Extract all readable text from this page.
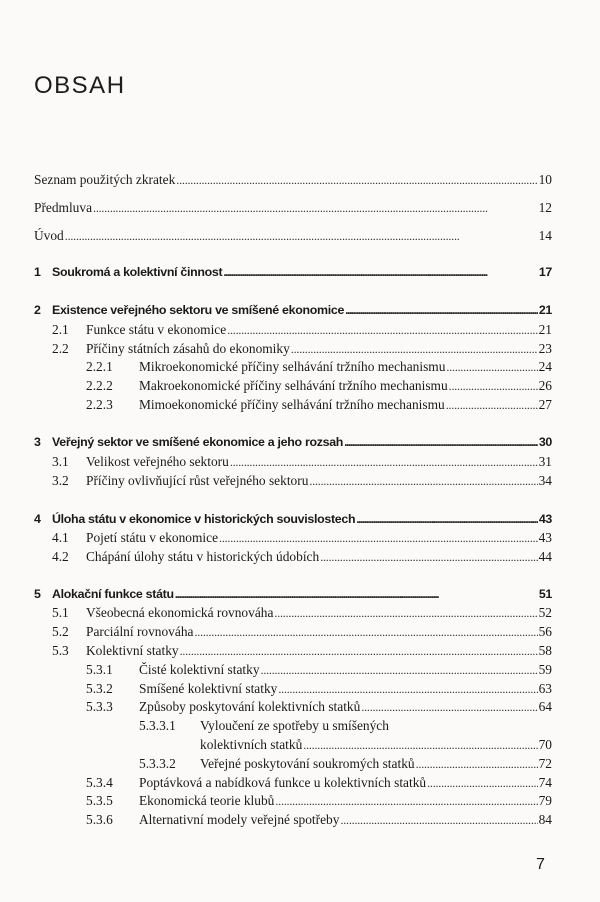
OBSAH
Seznam použitých zkratek . . .	10
Předmluva . . .	12
Úvod . . .	14
1 Soukromá a kolektivní činnost . . .	17
2 Existence veřejného sektoru ve smíšené ekonomice . . .	21
2.1 Funkce státu v ekonomice . . .	21
2.2 Příčiny státních zásahů do ekonomiky . . .	23
2.2.1 Mikroekonomické příčiny selhávání tržního mechanismu . . .	24
2.2.2 Makroekonomické příčiny selhávání tržního mechanismu . . .	26
2.2.3 Mimoekonomické příčiny selhávání tržního mechanismu . . .	27
3 Veřejný sektor ve smíšené ekonomice a jeho rozsah . . .	30
3.1 Velikost veřejného sektoru . . .	31
3.2 Příčiny ovlivňující růst veřejného sektoru . . .	34
4 Úloha státu v ekonomice v historických souvislostech . . .	43
4.1 Pojetí státu v ekonomice . . .	43
4.2 Chápání úlohy státu v historických údobích . . .	44
5 Alokační funkce státu . . .	51
5.1 Všeobecná ekonomická rovnováha . . .	52
5.2 Parciální rovnováha . . .	56
5.3 Kolektivní statky . . .	58
5.3.1 Čisté kolektivní statky . . .	59
5.3.2 Smíšené kolektivní statky . . .	63
5.3.3 Způsoby poskytování kolektivních statků . . .	64
5.3.3.1 Vyloučení ze spotřeby u smíšených
kolektivních statků . . .	70
5.3.3.2 Veřejné poskytování soukromých statků . . .	72
5.3.4 Poptávková a nabídková funkce u kolektivních statků . . .	74
5.3.5 Ekonomická teorie klubů . . .	79
5.3.6 Alternativní modely veřejné spotřeby . . .	84
7
